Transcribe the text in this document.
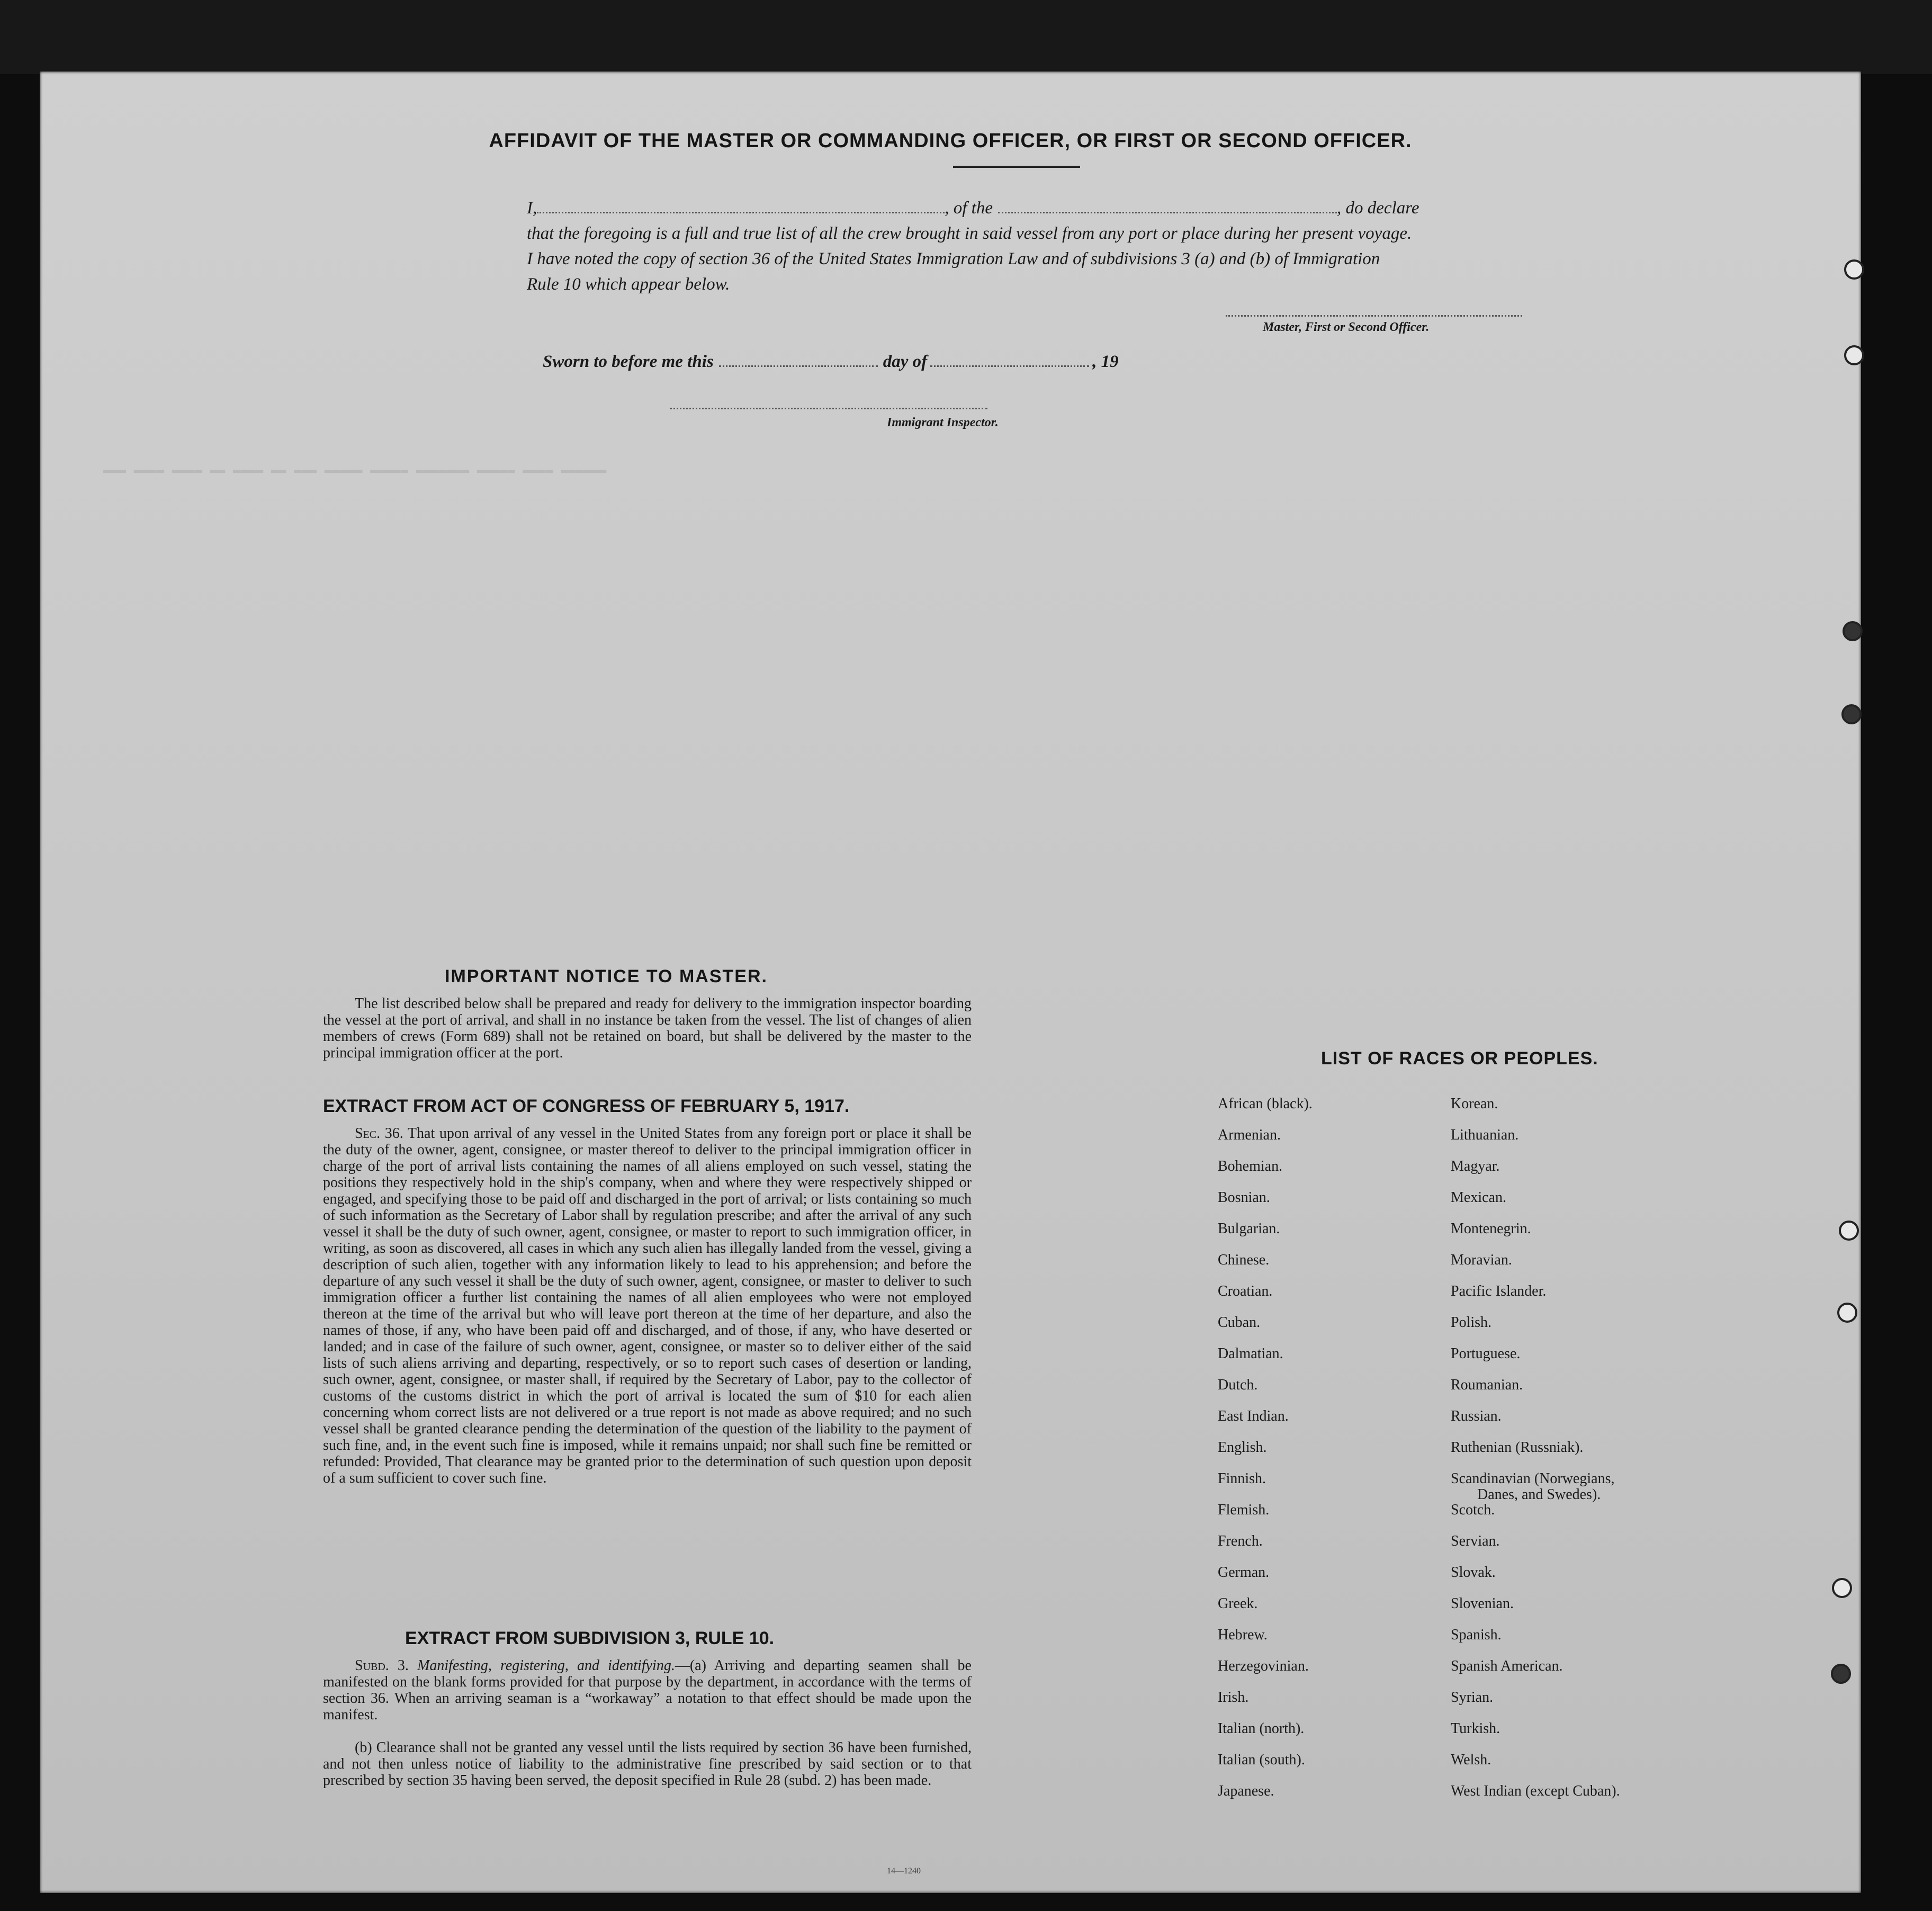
▬▬▬ ▬▬▬▬ ▬▬▬▬ ▬▬ ▬▬▬▬ ▬▬ ▬▬▬ ▬▬▬▬▬ ▬▬▬▬▬ ▬▬▬▬▬▬▬ ▬▬▬▬▬ ▬▬▬▬ ▬▬▬▬▬▬
AFFIDAVIT OF THE MASTER OR COMMANDING OFFICER, OR FIRST OR SECOND OFFICER.
I,	, of the	, do declare
that the foregoing is a full and true list of all the crew brought in said vessel from any port or place during her present voyage.
I have noted the copy of section 36 of the United States Immigration Law and of subdivisions 3 (a) and (b) of Immigration
Rule 10 which appear below.
Master, First or Second Officer.
Sworn to before me this	day of	, 19
Immigrant Inspector.
IMPORTANT NOTICE TO MASTER.
The list described below shall be prepared and ready for delivery to the immigration inspector boarding the vessel at the port of arrival, and shall in no instance be taken from the vessel. The list of changes of alien members of crews (Form 689) shall not be retained on board, but shall be delivered by the master to the principal immigration officer at the port.
EXTRACT FROM ACT OF CONGRESS OF FEBRUARY 5, 1917.
Sec. 36. That upon arrival of any vessel in the United States from any foreign port or place it shall be the duty of the owner, agent, consignee, or master thereof to deliver to the principal immigration officer in charge of the port of arrival lists containing the names of all aliens employed on such vessel, stating the positions they respectively hold in the ship's company, when and where they were respectively shipped or engaged, and specifying those to be paid off and discharged in the port of arrival; or lists containing so much of such information as the Secretary of Labor shall by regulation prescribe; and after the arrival of any such vessel it shall be the duty of such owner, agent, consignee, or master to report to such immigration officer, in writing, as soon as discovered, all cases in which any such alien has illegally landed from the vessel, giving a description of such alien, together with any information likely to lead to his apprehension; and before the departure of any such vessel it shall be the duty of such owner, agent, consignee, or master to deliver to such immigration officer a further list containing the names of all alien employees who were not employed thereon at the time of the arrival but who will leave port thereon at the time of her departure, and also the names of those, if any, who have been paid off and discharged, and of those, if any, who have deserted or landed; and in case of the failure of such owner, agent, consignee, or master so to deliver either of the said lists of such aliens arriving and departing, respectively, or so to report such cases of desertion or landing, such owner, agent, consignee, or master shall, if required by the Secretary of Labor, pay to the collector of customs of the customs district in which the port of arrival is located the sum of $10 for each alien concerning whom correct lists are not delivered or a true report is not made as above required; and no such vessel shall be granted clearance pending the determination of the question of the liability to the payment of such fine, and, in the event such fine is imposed, while it remains unpaid; nor shall such fine be remitted or refunded: Provided, That clearance may be granted prior to the determination of such question upon deposit of a sum sufficient to cover such fine.
EXTRACT FROM SUBDIVISION 3, RULE 10.
Subd. 3. Manifesting, registering, and identifying.—(a) Arriving and departing seamen shall be manifested on the blank forms provided for that purpose by the department, in accordance with the terms of section 36. When an arriving seaman is a “workaway” a notation to that effect should be made upon the manifest.
(b) Clearance shall not be granted any vessel until the lists required by section 36 have been furnished, and not then unless notice of liability to the administrative fine prescribed by said section or to that prescribed by section 35 having been served, the deposit specified in Rule 28 (subd. 2) has been made.
14—1240
LIST OF RACES OR PEOPLES.
African (black).
Armenian.
Bohemian.
Bosnian.
Bulgarian.
Chinese.
Croatian.
Cuban.
Dalmatian.
Dutch.
East Indian.
English.
Finnish.
Flemish.
French.
German.
Greek.
Hebrew.
Herzegovinian.
Irish.
Italian (north).
Italian (south).
Japanese.
Korean.
Lithuanian.
Magyar.
Mexican.
Montenegrin.
Moravian.
Pacific Islander.
Polish.
Portuguese.
Roumanian.
Russian.
Ruthenian (Russniak).
Scandinavian (Norwegians,
Danes, and Swedes).
Scotch.
Servian.
Slovak.
Slovenian.
Spanish.
Spanish American.
Syrian.
Turkish.
Welsh.
West Indian (except Cuban).
